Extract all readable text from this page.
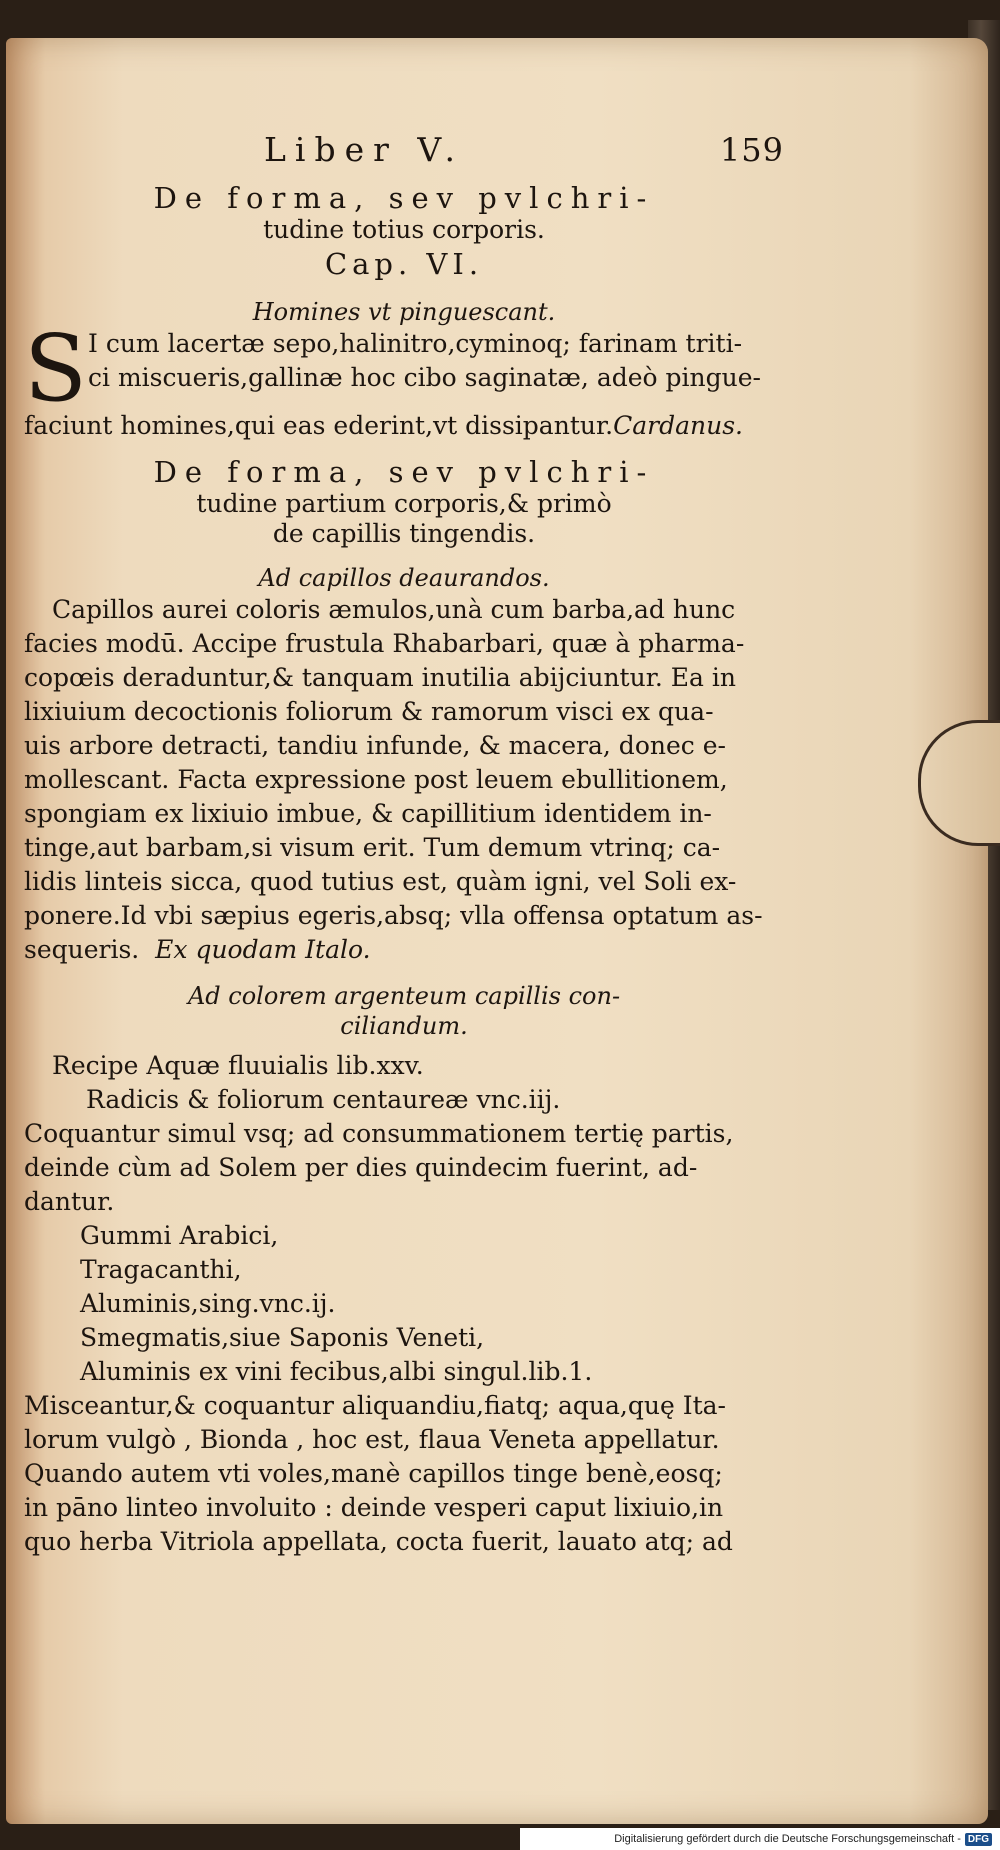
Liber V.	159
De forma, sev pvlchri-
tudine totius corporis.
Cap. VI.
Homines vt pinguescant.
S I cum lacertæ sepo,halinitro,cyminoq; farinam triti-

ci miscueris,gallinæ hoc cibo saginatæ, adeò pingue-

faciunt homines,qui eas ederint,vt dissipantur.Cardanus.

De forma, sev pvlchri-
tudine partium corporis,& primò
de capillis tingendis.
Ad capillos deaurandos.

Capillos aurei coloris æmulos,unà cum barba,ad hunc

facies modū. Accipe frustula Rhabarbari, quæ à pharma-

copœis deraduntur,& tanquam inutilia abijciuntur. Ea in

lixiuium decoctionis foliorum & ramorum visci ex qua-

uis arbore detracti, tandiu infunde, & macera, donec e-

mollescant. Facta expressione post leuem ebullitionem,

spongiam ex lixiuio imbue, & capillitium identidem in-

tinge,aut barbam,si visum erit. Tum demum vtrinq; ca-

lidis linteis sicca, quod tutius est, quàm igni, vel Soli ex-

ponere.Id vbi sæpius egeris,absq; vlla offensa optatum as-

sequeris. Ex quodam Italo.

Ad colorem argenteum capillis con-
ciliandum.

Recipe Aquæ fluuialis lib.xxv.

Radicis & foliorum centaureæ vnc.iij.

Coquantur simul vsq; ad consummationem tertię partis,

deinde cùm ad Solem per dies quindecim fuerint, ad-

dantur.

Gummi Arabici,

Tragacanthi,

Aluminis,sing.vnc.ij.

Smegmatis,siue Saponis Veneti,

Aluminis ex vini fecibus,albi singul.lib.1.

Misceantur,& coquantur aliquandiu,fiatq; aqua,quę Ita-

lorum vulgò , Bionda , hoc est, flaua Veneta appellatur.

Quando autem vti voles,manè capillos tinge benè,eosq;

in pāno linteo involuito : deinde vesperi caput lixiuio,in

quo herba Vitriola appellata, cocta fuerit, lauato atq; ad

Digitalisierung gefördert durch die Deutsche Forschungsgemeinschaft - DFG
